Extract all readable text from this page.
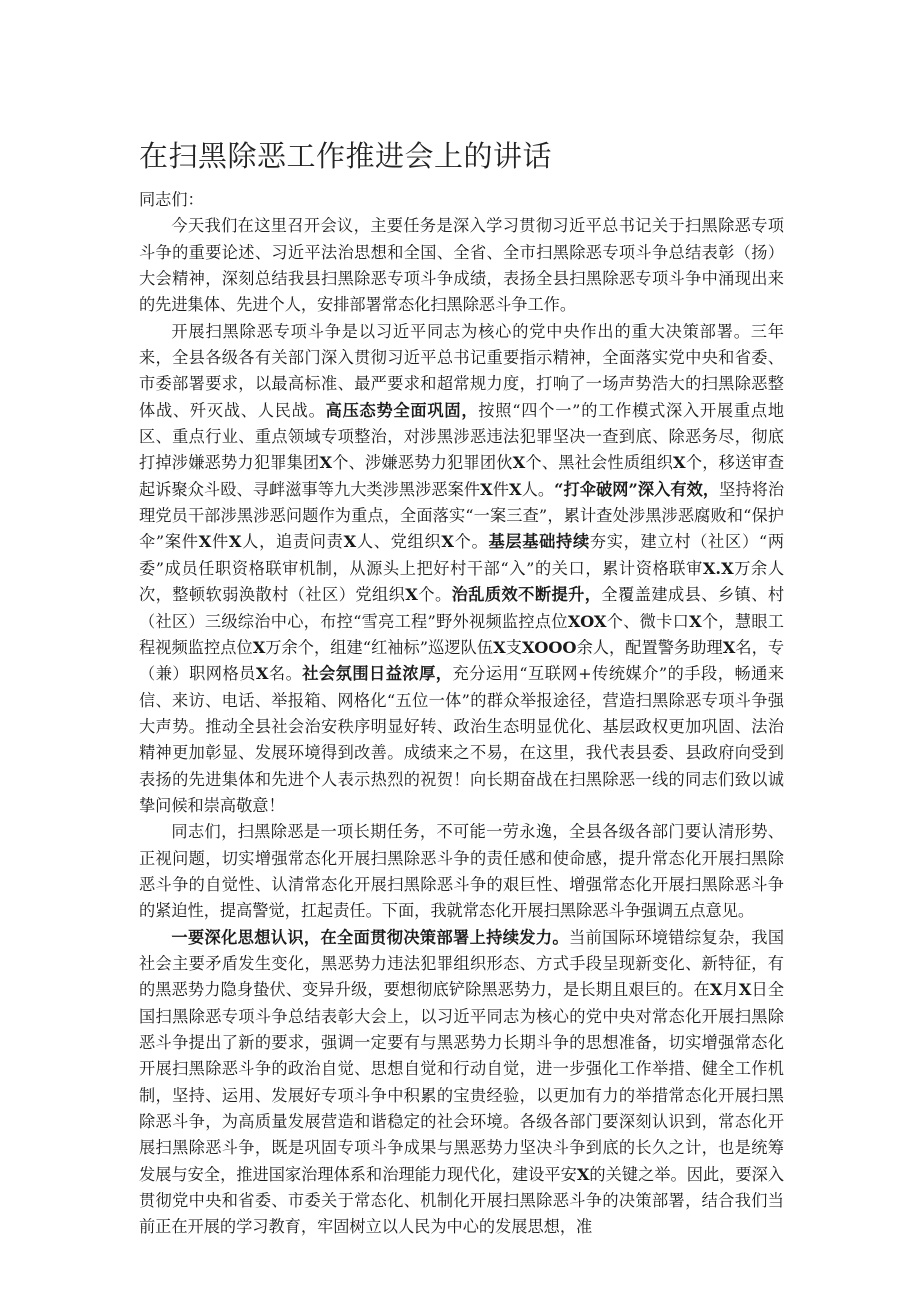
在扫黑除恶工作推进会上的讲话

同志们：

今天我们在这里召开会议，主要任务是深入学习贯彻习近平总书记关于扫黑除恶专项斗争的重要论述、习近平法治思想和全国、全省、全市扫黑除恶专项斗争总结表彰（扬）大会精神，深刻总结我县扫黑除恶专项斗争成绩，表扬全县扫黑除恶专项斗争中涌现出来的先进集体、先进个人，安排部署常态化扫黑除恶斗争工作。

开展扫黑除恶专项斗争是以习近平同志为核心的党中央作出的重大决策部署。三年来，全县各级各有关部门深入贯彻习近平总书记重要指示精神，全面落实党中央和省委、市委部署要求，以最高标准、最严要求和超常规力度，打响了一场声势浩大的扫黑除恶整体战、歼灭战、人民战。高压态势全面巩固，按照“四个一”的工作模式深入开展重点地区、重点行业、重点领域专项整治，对涉黑涉恶违法犯罪坚决一查到底、除恶务尽，彻底打掉涉嫌恶势力犯罪集团X个、涉嫌恶势力犯罪团伙X个、黑社会性质组织X个，移送审查起诉聚众斗殴、寻衅滋事等九大类涉黑涉恶案件X件X人。“打伞破网”深入有效，坚持将治理党员干部涉黑涉恶问题作为重点，全面落实“一案三查”，累计查处涉黑涉恶腐败和“保护伞”案件X件X人，追责问责X人、党组织X个。基层基础持续夯实，建立村（社区）“两委”成员任职资格联审机制，从源头上把好村干部“入”的关口，累计资格联审X.X万余人次，整顿软弱涣散村（社区）党组织X个。治乱质效不断提升，全覆盖建成县、乡镇、村（社区）三级综治中心，布控“雪亮工程”野外视频监控点位XOX个、微卡口X个，慧眼工程视频监控点位X万余个，组建“红袖标”巡逻队伍X支XOOO余人，配置警务助理X名，专（兼）职网格员X名。社会氛围日益浓厚，充分运用“互联网+传统媒介”的手段，畅通来信、来访、电话、举报箱、网格化“五位一体”的群众举报途径，营造扫黑除恶专项斗争强大声势。推动全县社会治安秩序明显好转、政治生态明显优化、基层政权更加巩固、法治精神更加彰显、发展环境得到改善。成绩来之不易，在这里，我代表县委、县政府向受到表扬的先进集体和先进个人表示热烈的祝贺！向长期奋战在扫黑除恶一线的同志们致以诚挚问候和崇高敬意！

同志们，扫黑除恶是一项长期任务，不可能一劳永逸，全县各级各部门要认清形势、正视问题，切实增强常态化开展扫黑除恶斗争的责任感和使命感，提升常态化开展扫黑除恶斗争的自觉性、认清常态化开展扫黑除恶斗争的艰巨性、增强常态化开展扫黑除恶斗争的紧迫性，提高警觉，扛起责任。下面，我就常态化开展扫黑除恶斗争强调五点意见。

一要深化思想认识，在全面贯彻决策部署上持续发力。当前国际环境错综复杂，我国社会主要矛盾发生变化，黑恶势力违法犯罪组织形态、方式手段呈现新变化、新特征，有的黑恶势力隐身蛰伏、变异升级，要想彻底铲除黑恶势力，是长期且艰巨的。在X月X日全国扫黑除恶专项斗争总结表彰大会上，以习近平同志为核心的党中央对常态化开展扫黑除恶斗争提出了新的要求，强调一定要有与黑恶势力长期斗争的思想准备，切实增强常态化开展扫黑除恶斗争的政治自觉、思想自觉和行动自觉，进一步强化工作举措、健全工作机制，坚持、运用、发展好专项斗争中积累的宝贵经验，以更加有力的举措常态化开展扫黑除恶斗争，为高质量发展营造和谐稳定的社会环境。各级各部门要深刻认识到，常态化开展扫黑除恶斗争，既是巩固专项斗争成果与黑恶势力坚决斗争到底的长久之计，也是统筹发展与安全，推进国家治理体系和治理能力现代化，建设平安X的关键之举。因此，要深入贯彻党中央和省委、市委关于常态化、机制化开展扫黑除恶斗争的决策部署，结合我们当前正在开展的学习教育，牢固树立以人民为中心的发展思想，准
